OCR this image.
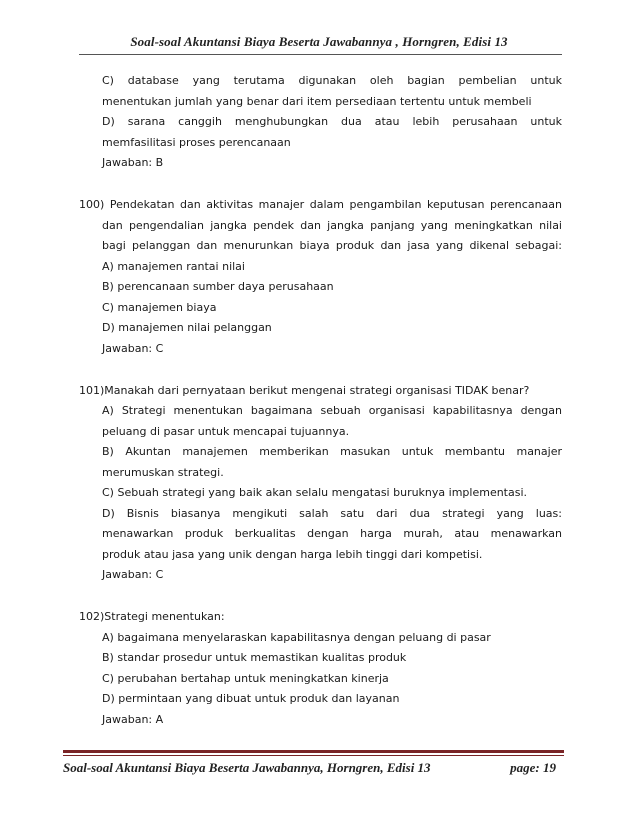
Soal-soal Akuntansi Biaya Beserta Jawabannya , Horngren, Edisi 13
C) database yang terutama digunakan oleh bagian pembelian untuk
menentukan jumlah yang benar dari item persediaan tertentu untuk membeli
D) sarana canggih menghubungkan dua atau lebih perusahaan untuk
memfasilitasi proses perencanaan
Jawaban: B
100) Pendekatan dan aktivitas manajer dalam pengambilan keputusan perencanaan
dan pengendalian jangka pendek dan jangka panjang yang meningkatkan nilai
bagi pelanggan dan menurunkan biaya produk dan jasa yang dikenal sebagai:
A) manajemen rantai nilai
B) perencanaan sumber daya perusahaan
C) manajemen biaya
D) manajemen nilai pelanggan
Jawaban: C
101)Manakah dari pernyataan berikut mengenai strategi organisasi TIDAK benar?
A) Strategi menentukan bagaimana sebuah organisasi kapabilitasnya dengan
peluang di pasar untuk mencapai tujuannya.
B) Akuntan manajemen memberikan masukan untuk membantu manajer
merumuskan strategi.
C) Sebuah strategi yang baik akan selalu mengatasi buruknya implementasi.
D) Bisnis biasanya mengikuti salah satu dari dua strategi yang luas:
menawarkan produk berkualitas dengan harga murah, atau menawarkan
produk atau jasa yang unik dengan harga lebih tinggi dari kompetisi.
Jawaban: C
102)Strategi menentukan:
A) bagaimana menyelaraskan kapabilitasnya dengan peluang di pasar
B) standar prosedur untuk memastikan kualitas produk
C) perubahan bertahap untuk meningkatkan kinerja
D) permintaan yang dibuat untuk produk dan layanan
Jawaban: A
Soal-soal Akuntansi Biaya Beserta Jawabannya, Horngren, Edisi 13	page: 19
